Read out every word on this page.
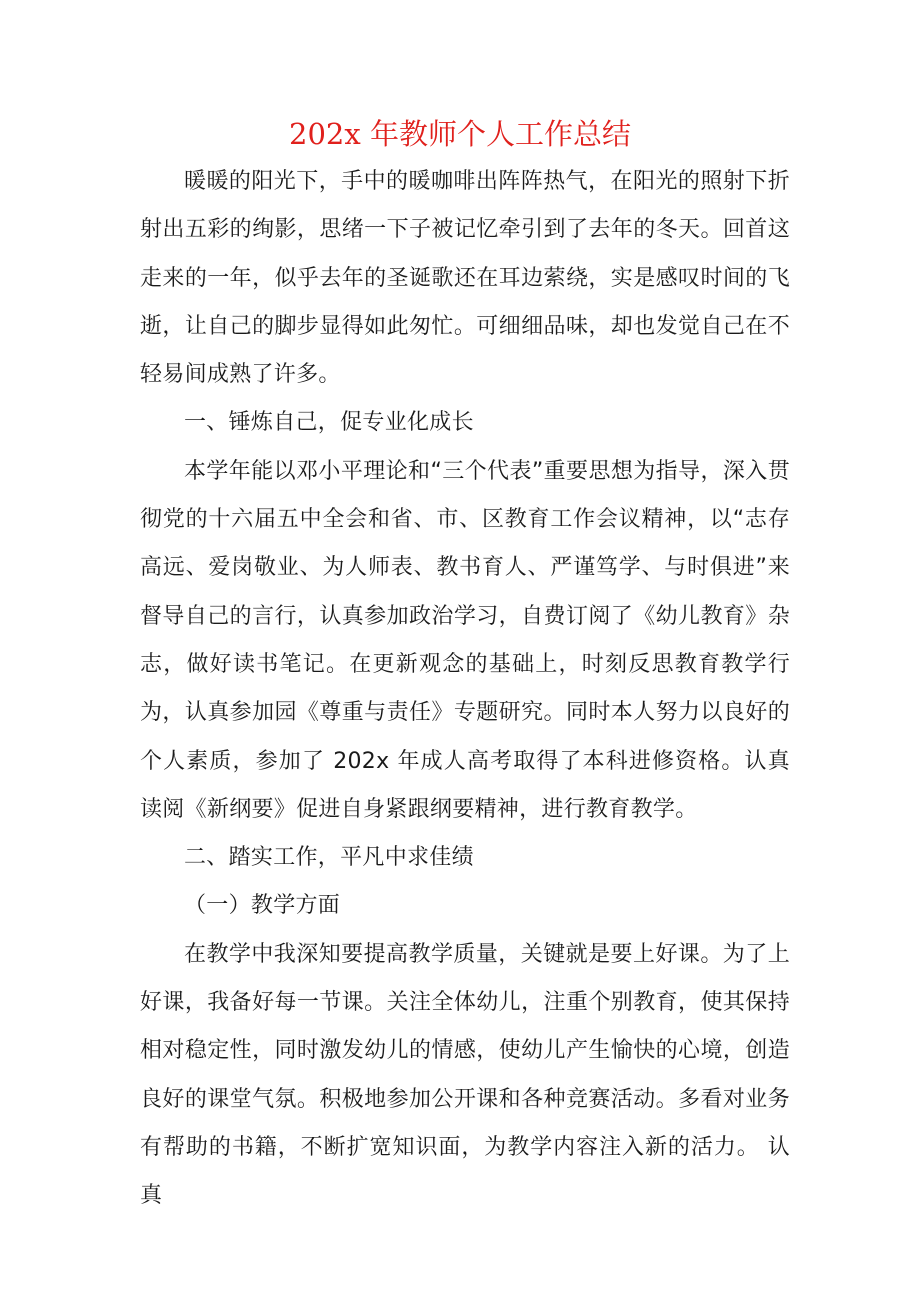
202x 年教师个人工作总结

暖暖的阳光下，手中的暖咖啡出阵阵热气，在阳光的照射下折射出五彩的绚影，思绪一下子被记忆牵引到了去年的冬天。回首这走来的一年，似乎去年的圣诞歌还在耳边萦绕，实是感叹时间的飞逝，让自己的脚步显得如此匆忙。可细细品味，却也发觉自己在不轻易间成熟了许多。

一、锤炼自己，促专业化成长

本学年能以邓小平理论和“三个代表”重要思想为指导，深入贯彻党的十六届五中全会和省、市、区教育工作会议精神，以“志存高远、爱岗敬业、为人师表、教书育人、严谨笃学、与时俱进”来督导自己的言行，认真参加政治学习，自费订阅了《幼儿教育》杂志，做好读书笔记。在更新观念的基础上，时刻反思教育教学行为，认真参加园《尊重与责任》专题研究。同时本人努力以良好的个人素质，参加了 202x 年成人高考取得了本科进修资格。认真读阅《新纲要》促进自身紧跟纲要精神，进行教育教学。

二、踏实工作，平凡中求佳绩

（一）教学方面

在教学中我深知要提高教学质量，关键就是要上好课。为了上好课，我备好每一节课。关注全体幼儿，注重个别教育，使其保持相对稳定性，同时激发幼儿的情感，使幼儿产生愉快的心境，创造良好的课堂气氛。积极地参加公开课和各种竞赛活动。多看对业务有帮助的书籍，不断扩宽知识面，为教学内容注入新的活力。 认真
